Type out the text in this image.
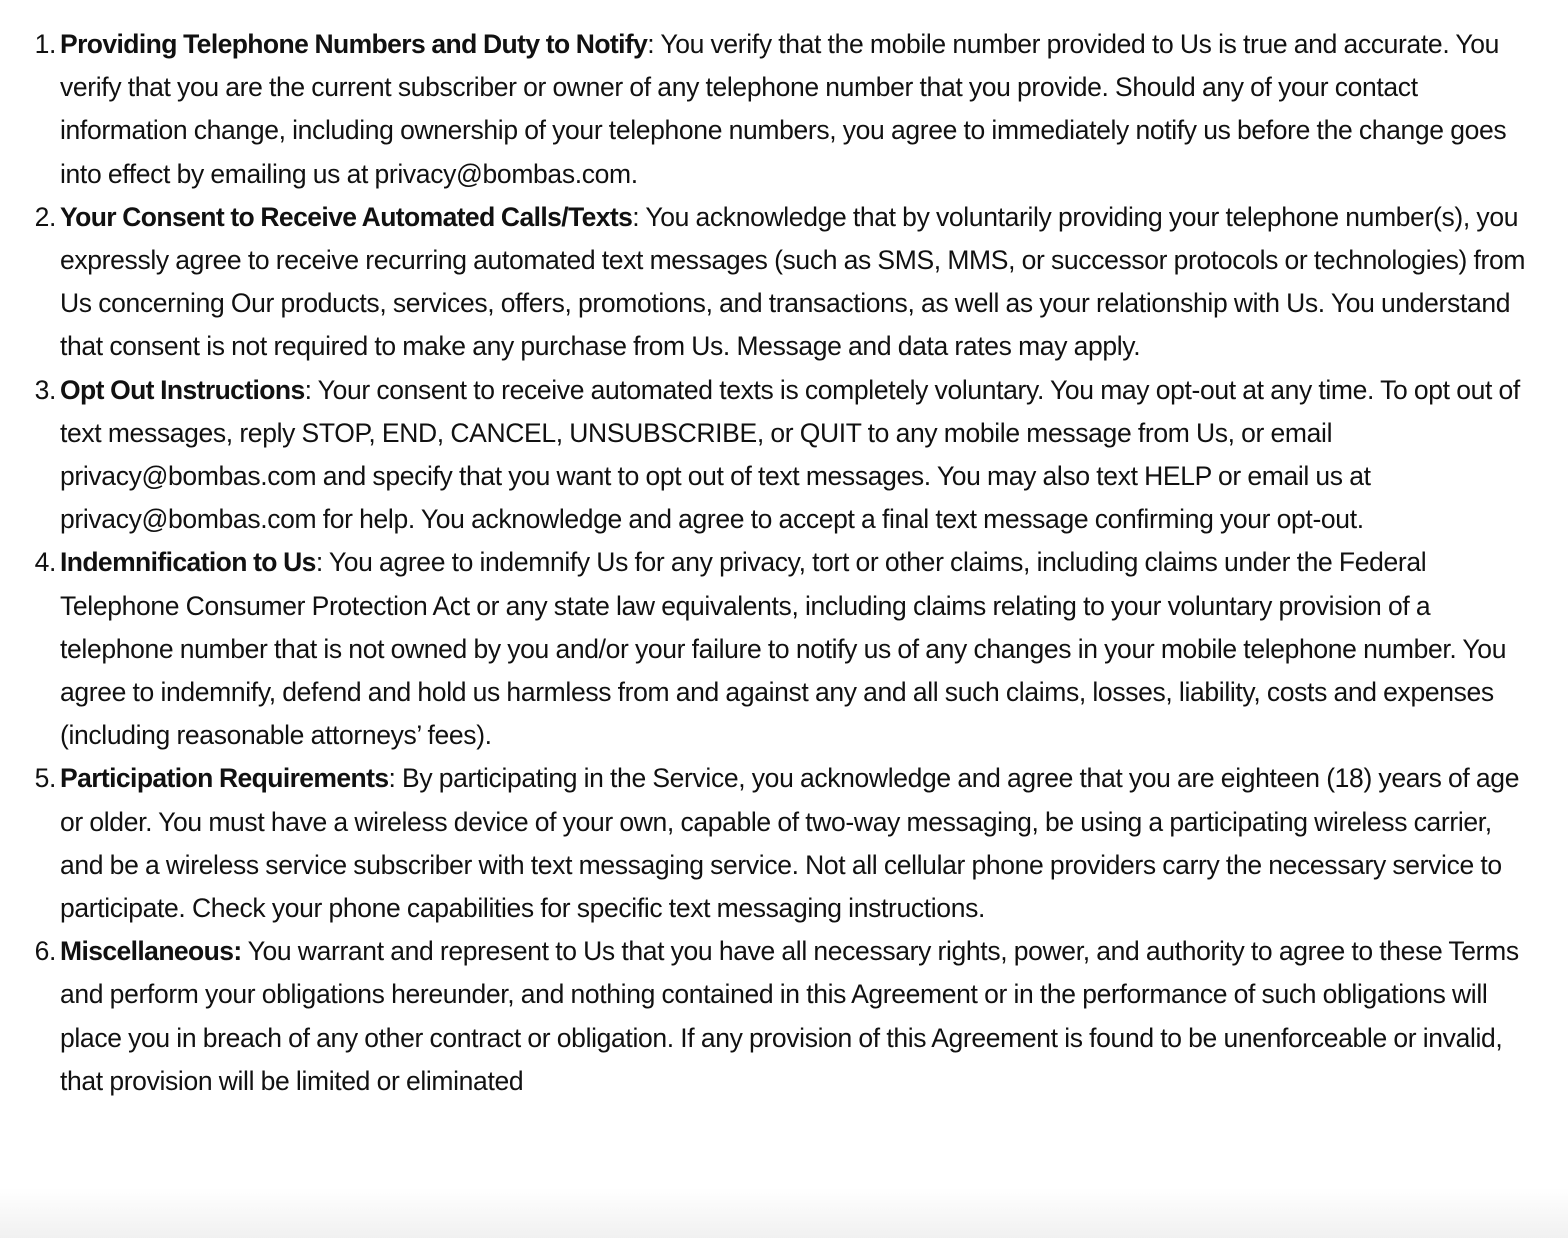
1. Providing Telephone Numbers and Duty to Notify: You verify that the mobile number provided to Us is true and accurate. You verify that you are the current subscriber or owner of any telephone number that you provide. Should any of your contact information change, including ownership of your telephone numbers, you agree to immediately notify us before the change goes into effect by emailing us at privacy@bombas.com.
2. Your Consent to Receive Automated Calls/Texts: You acknowledge that by voluntarily providing your telephone number(s), you expressly agree to receive recurring automated text messages (such as SMS, MMS, or successor protocols or technologies) from Us concerning Our products, services, offers, promotions, and transactions, as well as your relationship with Us. You understand that consent is not required to make any purchase from Us. Message and data rates may apply.
3. Opt Out Instructions: Your consent to receive automated texts is completely voluntary. You may opt-out at any time. To opt out of text messages, reply STOP, END, CANCEL, UNSUBSCRIBE, or QUIT to any mobile message from Us, or email privacy@bombas.com and specify that you want to opt out of text messages. You may also text HELP or email us at privacy@bombas.com for help. You acknowledge and agree to accept a final text message confirming your opt-out.
4. Indemnification to Us: You agree to indemnify Us for any privacy, tort or other claims, including claims under the Federal Telephone Consumer Protection Act or any state law equivalents, including claims relating to your voluntary provision of a telephone number that is not owned by you and/or your failure to notify us of any changes in your mobile telephone number. You agree to indemnify, defend and hold us harmless from and against any and all such claims, losses, liability, costs and expenses (including reasonable attorneys’ fees).
5. Participation Requirements: By participating in the Service, you acknowledge and agree that you are eighteen (18) years of age or older. You must have a wireless device of your own, capable of two-way messaging, be using a participating wireless carrier, and be a wireless service subscriber with text messaging service. Not all cellular phone providers carry the necessary service to participate. Check your phone capabilities for specific text messaging instructions.
6. Miscellaneous: You warrant and represent to Us that you have all necessary rights, power, and authority to agree to these Terms and perform your obligations hereunder, and nothing contained in this Agreement or in the performance of such obligations will place you in breach of any other contract or obligation. If any provision of this Agreement is found to be unenforceable or invalid, that provision will be limited or eliminated
